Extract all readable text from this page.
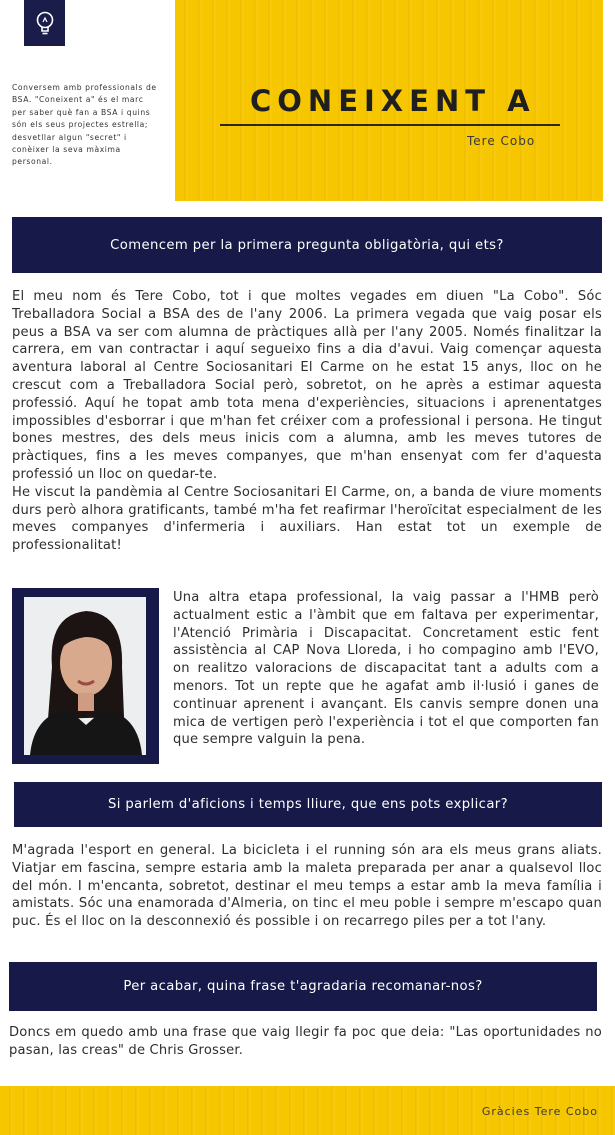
Conversem amb professionals de BSA. "Coneixent a" és el marc per saber què fan a BSA i quins són els seus projectes estrella; desvetllar algun "secret" i conèixer la seva màxima personal.
CONEIXENT A
Tere Cobo
Comencem per la primera pregunta obligatòria, qui ets?

El meu nom és Tere Cobo, tot i que moltes vegades em diuen "La Cobo". Sóc Treballadora Social a BSA des de l'any 2006. La primera vegada que vaig posar els peus a BSA va ser com alumna de pràctiques allà per l'any 2005. Només finalitzar la carrera, em van contractar i aquí segueixo fins a dia d'avui. Vaig començar aquesta aventura laboral al Centre Sociosanitari El Carme on he estat 15 anys, lloc on he crescut com a Treballadora Social però, sobretot, on he après a estimar aquesta professió. Aquí he topat amb tota mena d'experiències, situacions i aprenentatges impossibles d'esborrar i que m'han fet créixer com a professional i persona. He tingut bones mestres, des dels meus inicis com a alumna, amb les meves tutores de pràctiques, fins a les meves companyes, que m'han ensenyat com fer d'aquesta professió un lloc on quedar-te.

He viscut la pandèmia al Centre Sociosanitari El Carme, on, a banda de viure moments durs però alhora gratificants, també m'ha fet reafirmar l'heroïcitat especialment de les meves companyes d'infermeria i auxiliars. Han estat tot un exemple de professionalitat!

Una altra etapa professional, la vaig passar a l'HMB però actualment estic a l'àmbit que em faltava per experimentar, l'Atenció Primària i Discapacitat. Concretament estic fent assistència al CAP Nova Lloreda, i ho compagino amb l'EVO, on realitzo valoracions de discapacitat tant a adults com a menors. Tot un repte que he agafat amb il·lusió i ganes de continuar aprenent i avançant. Els canvis sempre donen una mica de vertigen però l'experiència i tot el que comporten fan que sempre valguin la pena.
Si parlem d'aficions i temps lliure, que ens pots explicar?
M'agrada l'esport en general. La bicicleta i el running són ara els meus grans aliats. Viatjar em fascina, sempre estaria amb la maleta preparada per anar a qualsevol lloc del món. I m'encanta, sobretot, destinar el meu temps a estar amb la meva família i amistats. Sóc una enamorada d'Almeria, on tinc el meu poble i sempre m'escapo quan puc. És el lloc on la desconnexió és possible i on recarrego piles per a tot l'any.
Per acabar, quina frase t'agradaria recomanar-nos?
Doncs em quedo amb una frase que vaig llegir fa poc que deia: "Las oportunidades no pasan, las creas" de Chris Grosser.
Gràcies Tere Cobo
